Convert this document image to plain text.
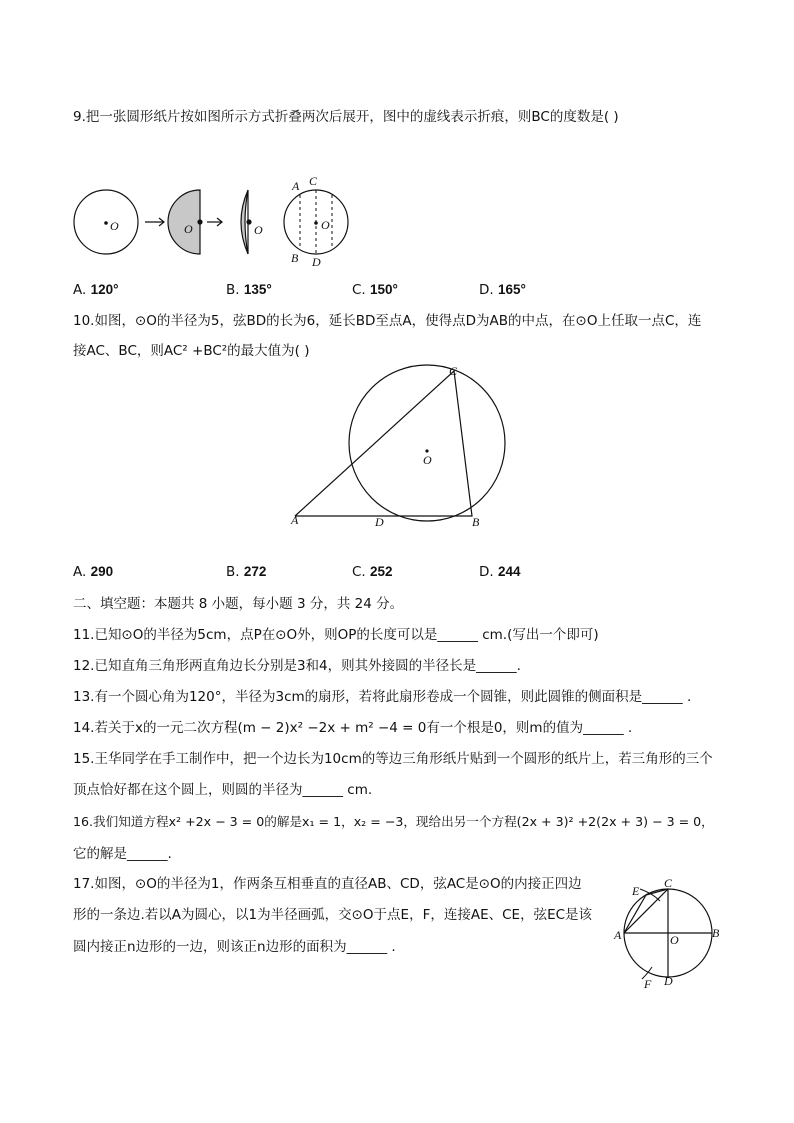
9.把一张圆形纸片按如图所示方式折叠两次后展开，图中的虚线表示折痕，则BC的度数是( )
O	O	O	O
A C
B D
A. 120°	B. 135°	C. 150°	D. 165°
10.如图，⊙O的半径为5，弦BD的长为6，延长BD至点A，使得点D为AB的中点，在⊙O上任取一点C，连
接AC、BC，则AC² +BC²的最大值为( )
C
O
A	D	B
A. 290	B. 272	C. 252	D. 244
二、填空题：本题共 8 小题，每小题 3 分，共 24 分。
11.已知⊙O的半径为5cm，点P在⊙O外，则OP的长度可以是______ cm.(写出一个即可)
12.已知直角三角形两直角边长分别是3和4，则其外接圆的半径长是______.
13.有一个圆心角为120°，半径为3cm的扇形，若将此扇形卷成一个圆锥，则此圆锥的侧面积是______ .
14.若关于x的一元二次方程(m − 2)x² −2x + m² −4 = 0有一个根是0，则m的值为______ .
15.王华同学在手工制作中，把一个边长为10cm的等边三角形纸片贴到一个圆形的纸片上，若三角形的三个
顶点恰好都在这个圆上，则圆的半径为______ cm.
16.我们知道方程x² +2x − 3 = 0的解是x₁ = 1，x₂ = −3，现给出另一个方程(2x + 3)² +2(2x + 3) − 3 = 0，
它的解是______.
17.如图，⊙O的半径为1，作两条互相垂直的直径AB、CD，弦AC是⊙O的内接正四边
形的一条边.若以A为圆心，以1为半径画弧，交⊙O于点E，F，连接AE、CE，弦EC是该
圆内接正n边形的一边，则该正n边形的面积为______ .
E
C
A	O	B
F D
